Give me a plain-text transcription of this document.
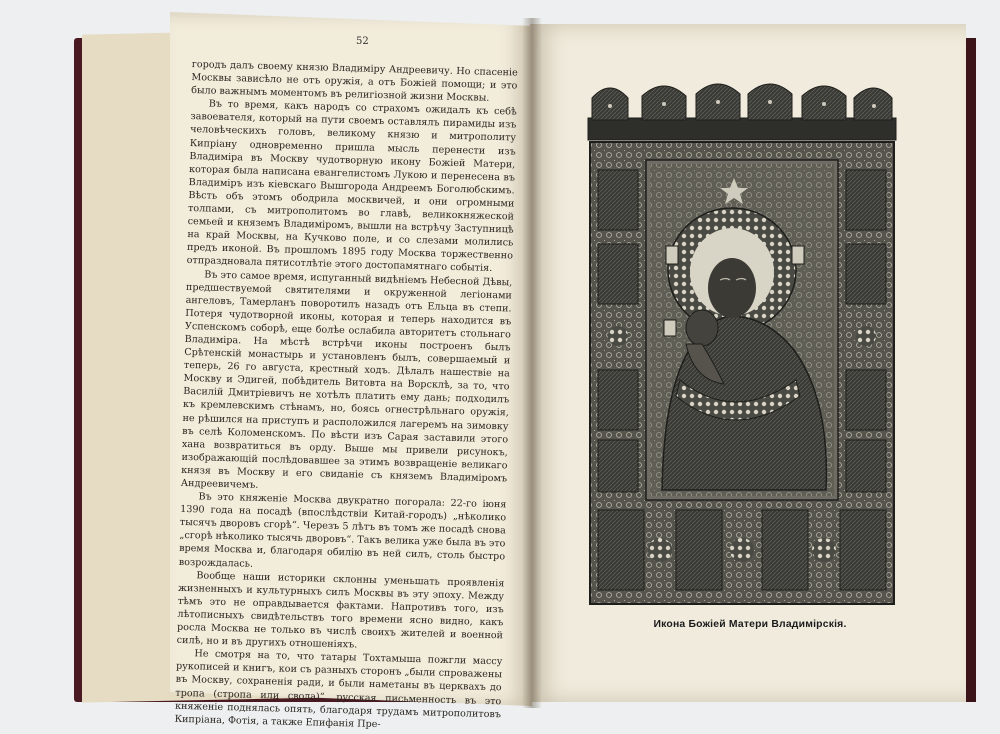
52

городъ далъ своему князю Владиміру Андреевичу. Но спасеніе Москвы зависѣло не отъ оружія, а отъ Божіей помощи; и это было важнымъ моментомъ въ религіозной жизни Москвы.

Въ то время, какъ народъ со страхомъ ожидалъ къ себѣ завоевателя, который на пути своемъ оставлялъ пирамиды изъ человѣческихъ головъ, великому князю и митрополиту Кипріану одновременно пришла мысль перенести изъ Владиміра въ Москву чудотворную икону Божіей Матери, которая была написана евангелистомъ Лукою и перенесена въ Владиміръ изъ кіевскаго Вышгорода Андреемъ Боголюбскимъ. Вѣсть объ этомъ ободрила москвичей, и они огромными толпами, съ митрополитомъ во главѣ, великокняжеской семьей и княземъ Владиміромъ, вышли на встрѣчу Заступницѣ на край Москвы, на Кучково поле, и со слезами молились предъ иконой. Въ прошломъ 1895 году Москва торжественно отпраздновала пятисотлѣтіе этого достопамятнаго событія.

Въ это самое время, испуганный видѣніемъ Небесной Дѣвы, предшествуемой святителями и окруженной легіонами ангеловъ, Тамерланъ поворотилъ назадъ отъ Ельца въ степи. Потеря чудотворной иконы, которая и теперь находится въ Успенскомъ соборѣ, еще болѣе ослабила авторитетъ стольнаго Владиміра. На мѣстѣ встрѣчи иконы построенъ былъ Срѣтенскій монастырь и установленъ былъ, совершаемый и теперь, 26 го августа, крестный ходъ. Дѣлалъ нашествіе на Москву и Эдигей, побѣдитель Витовта на Ворсклѣ, за то, что Василій Дмитріевичъ не хотѣлъ платить ему дань; подходилъ къ кремлевскимъ стѣнамъ, но, боясь огнестрѣльнаго оружія, не рѣшился на приступъ и расположился лагеремъ на зимовку въ селѣ Коломенскомъ. По вѣсти изъ Сарая заставили этого хана возвратиться въ орду. Выше мы привели рисунокъ, изображающій послѣдовавшее за этимъ возвращеніе великаго князя въ Москву и его свиданіе съ княземъ Владиміромъ Андреевичемъ.

Въ это княженіе Москва двукратно погорала: 22-го іюня 1390 года на посадѣ (впослѣдствіи Китай-городъ) „нѣколико тысячъ дворовъ сгорѣ“. Черезъ 5 лѣтъ въ томъ же посадѣ снова „сгорѣ нѣколико тысячь дворовъ“. Такъ велика уже была въ это время Москва и, благодаря обилію въ ней силъ, столь быстро возрождалась.

Вообще наши историки склонны уменьшать проявленія жизненныхъ и культурныхъ силъ Москвы въ эту эпоху. Между тѣмъ это не оправдывается фактами. Напротивъ того, изъ лѣтописныхъ свидѣтельствъ того времени ясно видно, какъ росла Москва не только въ числѣ своихъ жителей и военной силѣ, но и въ другихъ отношеніяхъ.

Не смотря на то, что татары Тохтамыша пожгли массу рукописей и книгъ, кои съ разныхъ сторонъ „были спроважены въ Москву, сохраненія ради, и были наметаны въ церквахъ до тропа (стропа или свода)“, русская письменность въ это княженіе поднялась опять, благодаря трудамъ митрополитовъ Кипріана, Фотія, а также Епифанія Пре-

Икона Божіей Матери Владимірскія.
